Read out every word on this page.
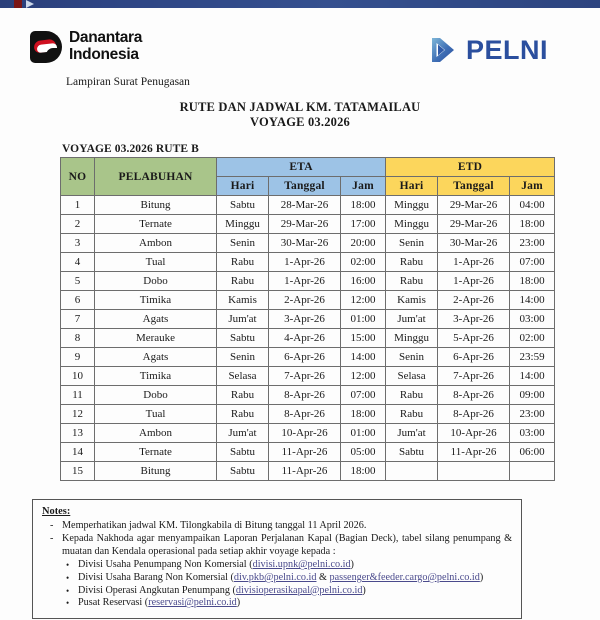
Danantara
Indonesia	PELNI
Lampiran Surat Penugasan
RUTE DAN JADWAL KM. TATAMAILAU
VOYAGE 03.2026
VOYAGE 03.2026 RUTE B
NO	PELABUHAN	ETA			ETD		
		Hari	Tanggal	Jam	Hari	Tanggal	Jam
1	Bitung	Sabtu	28-Mar-26	18:00	Minggu	29-Mar-26	04:00
2	Ternate	Minggu	29-Mar-26	17:00	Minggu	29-Mar-26	18:00
3	Ambon	Senin	30-Mar-26	20:00	Senin	30-Mar-26	23:00
4	Tual	Rabu	1-Apr-26	02:00	Rabu	1-Apr-26	07:00
5	Dobo	Rabu	1-Apr-26	16:00	Rabu	1-Apr-26	18:00
6	Timika	Kamis	2-Apr-26	12:00	Kamis	2-Apr-26	14:00
7	Agats	Jum'at	3-Apr-26	01:00	Jum'at	3-Apr-26	03:00
8	Merauke	Sabtu	4-Apr-26	15:00	Minggu	5-Apr-26	02:00
9	Agats	Senin	6-Apr-26	14:00	Senin	6-Apr-26	23:59
10	Timika	Selasa	7-Apr-26	12:00	Selasa	7-Apr-26	14:00
11	Dobo	Rabu	8-Apr-26	07:00	Rabu	8-Apr-26	09:00
12	Tual	Rabu	8-Apr-26	18:00	Rabu	8-Apr-26	23:00
13	Ambon	Jum'at	10-Apr-26	01:00	Jum'at	10-Apr-26	03:00
14	Ternate	Sabtu	11-Apr-26	05:00	Sabtu	11-Apr-26	06:00
15	Bitung	Sabtu	11-Apr-26	18:00			
Notes:
- Memperhatikan jadwal KM. Tilongkabila di Bitung tanggal 11 April 2026.
- Kepada Nakhoda agar menyampaikan Laporan Perjalanan Kapal (Bagian Deck), tabel silang penumpang & muatan dan Kendala operasional pada setiap akhir voyage kepada :
• Divisi Usaha Penumpang Non Komersial (divisi.upnk@pelni.co.id)
• Divisi Usaha Barang Non Komersial (div.pkb@pelni.co.id & passenger&feeder.cargo@pelni.co.id)
• Divisi Operasi Angkutan Penumpang (divisioperasikapal@pelni.co.id)
• Pusat Reservasi (reservasi@pelni.co.id)
